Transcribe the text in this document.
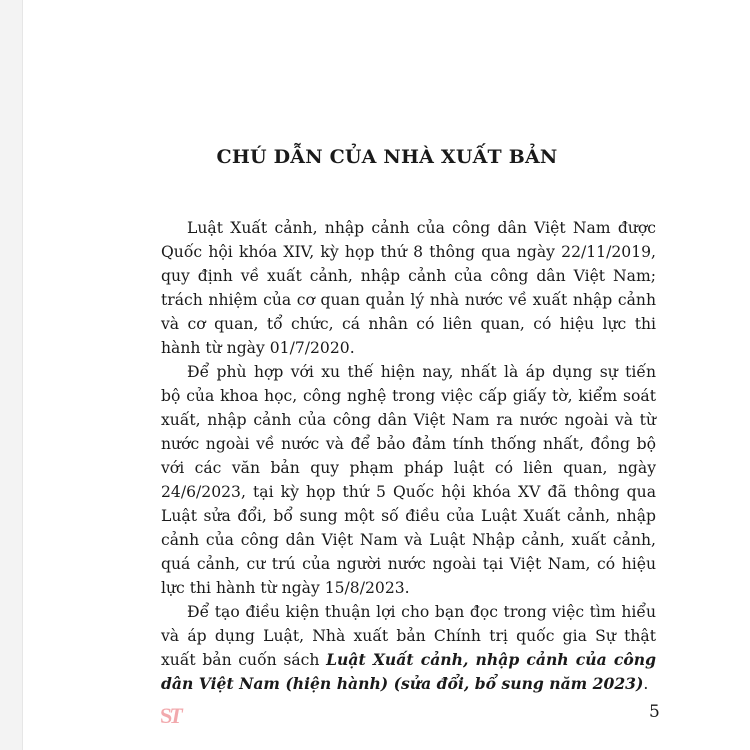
CHÚ DẪN CỦA NHÀ XUẤT BẢN
Luật Xuất cảnh, nhập cảnh của công dân Việt Nam được
Quốc hội khóa XIV, kỳ họp thứ 8 thông qua ngày 22/11/2019,
quy định về xuất cảnh, nhập cảnh của công dân Việt Nam;
trách nhiệm của cơ quan quản lý nhà nước về xuất nhập cảnh
và cơ quan, tổ chức, cá nhân có liên quan, có hiệu lực thi
hành từ ngày 01/7/2020.
Để phù hợp với xu thế hiện nay, nhất là áp dụng sự tiến
bộ của khoa học, công nghệ trong việc cấp giấy tờ, kiểm soát
xuất, nhập cảnh của công dân Việt Nam ra nước ngoài và từ
nước ngoài về nước và để bảo đảm tính thống nhất, đồng bộ
với các văn bản quy phạm pháp luật có liên quan, ngày
24/6/2023, tại kỳ họp thứ 5 Quốc hội khóa XV đã thông qua
Luật sửa đổi, bổ sung một số điều của Luật Xuất cảnh, nhập
cảnh của công dân Việt Nam và Luật Nhập cảnh, xuất cảnh,
quá cảnh, cư trú của người nước ngoài tại Việt Nam, có hiệu
lực thi hành từ ngày 15/8/2023.
Để tạo điều kiện thuận lợi cho bạn đọc trong việc tìm hiểu
và áp dụng Luật, Nhà xuất bản Chính trị quốc gia Sự thật
xuất bản cuốn sách Luật Xuất cảnh, nhập cảnh của công
dân Việt Nam (hiện hành) (sửa đổi, bổ sung năm 2023).
ST	5
